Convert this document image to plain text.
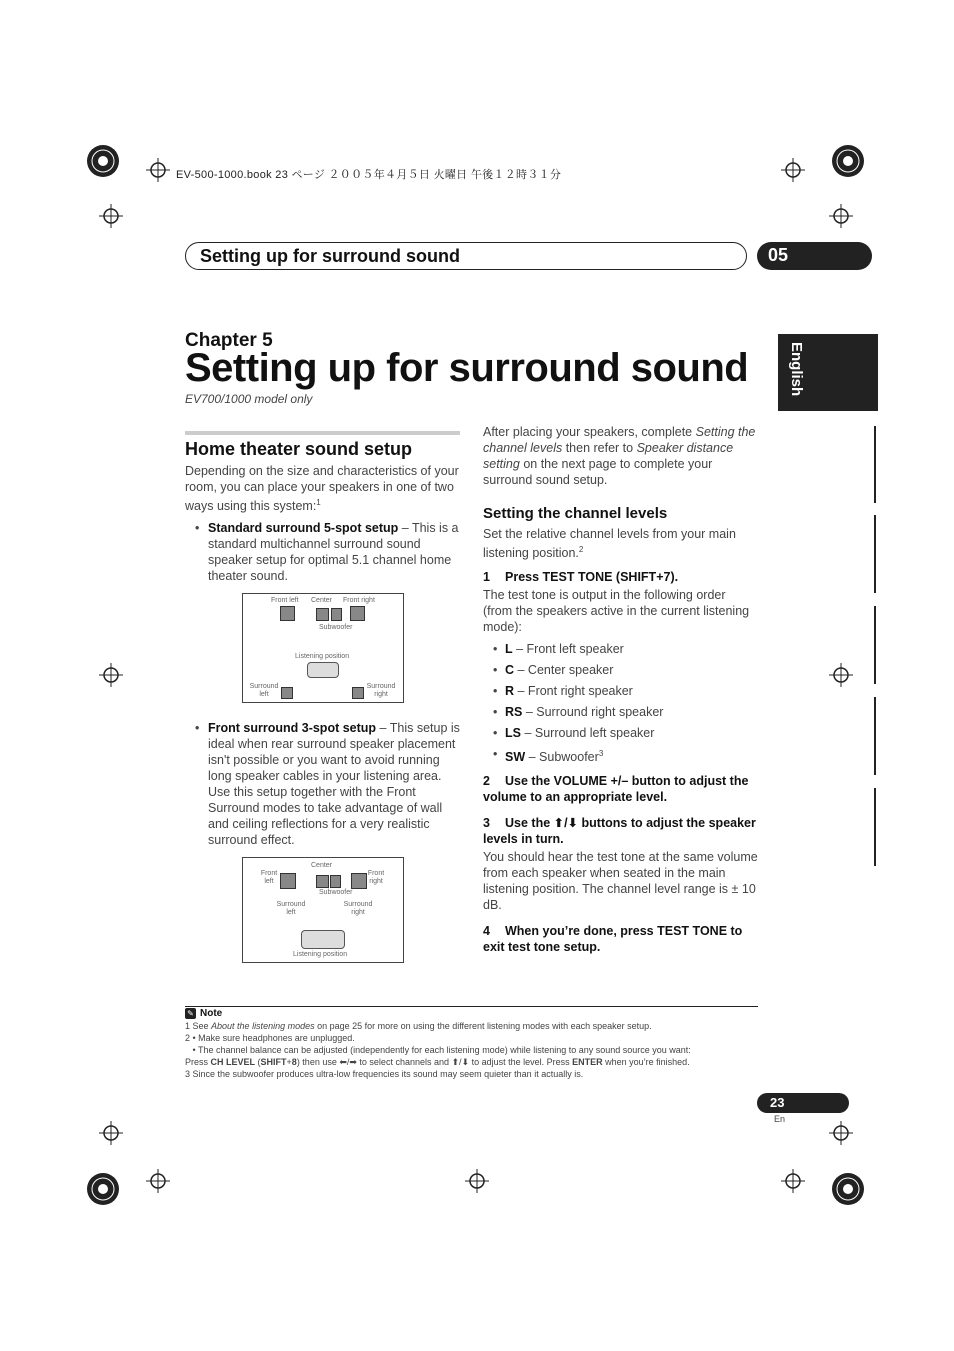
EV-500-1000.book 23 ページ ２００５年４月５日 火曜日 午後１２時３１分
Setting up for surround sound	05
English
Chapter 5
Setting up for surround sound
EV700/1000 model only
Home theater sound setup

Depending on the size and characteristics of your room, you can place your speakers in one of two ways using this system:$^1$

• Standard surround 5-spot setup – This is a standard multichannel surround sound speaker setup for optimal 5.1 channel home theater sound.
• Front surround 3-spot setup – This setup is ideal when rear surround speaker placement isn't possible or you want to avoid running long speaker cables in your listening area. Use this setup together with the Front Surround modes to take advantage of wall and ceiling reflections for a very realistic surround effect.
Front left Center Front right
Subwoofer
Listening position
Surround left
Surround right
Center
Front left
Front right
Subwoofer
Surround left
Surround right
Listening position

After placing your speakers, complete Setting the channel levels then refer to Speaker distance setting on the next page to complete your surround sound setup.

Setting the channel levels

Set the relative channel levels from your main listening position.$^2$

1 Press TEST TONE (SHIFT+7).

The test tone is output in the following order (from the speakers active in the current listening mode):

• L – Front left speaker
• C – Center speaker
• R – Front right speaker
• RS – Surround right speaker
• LS – Surround left speaker
• SW – Subwoofer$^3$
2 Use the VOLUME +/– button to adjust the volume to an appropriate level.
3 Use the ⬆/⬇ buttons to adjust the speaker levels in turn.

You should hear the test tone at the same volume from each speaker when seated in the main listening position. The channel level range is ± 10 dB.

4 When you’re done, press TEST TONE to exit test tone setup.
✎ Note
1 See About the listening modes on page 25 for more on using the different listening modes with each speaker setup.
2 • Make sure headphones are unplugged.
• The channel balance can be adjusted (independently for each listening mode) while listening to any sound source you want:
Press CH LEVEL (SHIFT+8) then use ⬅/➡ to select channels and ⬆/⬇ to adjust the level. Press ENTER when you’re finished.
3 Since the subwoofer produces ultra-low frequencies its sound may seem quieter than it actually is.
23
En
